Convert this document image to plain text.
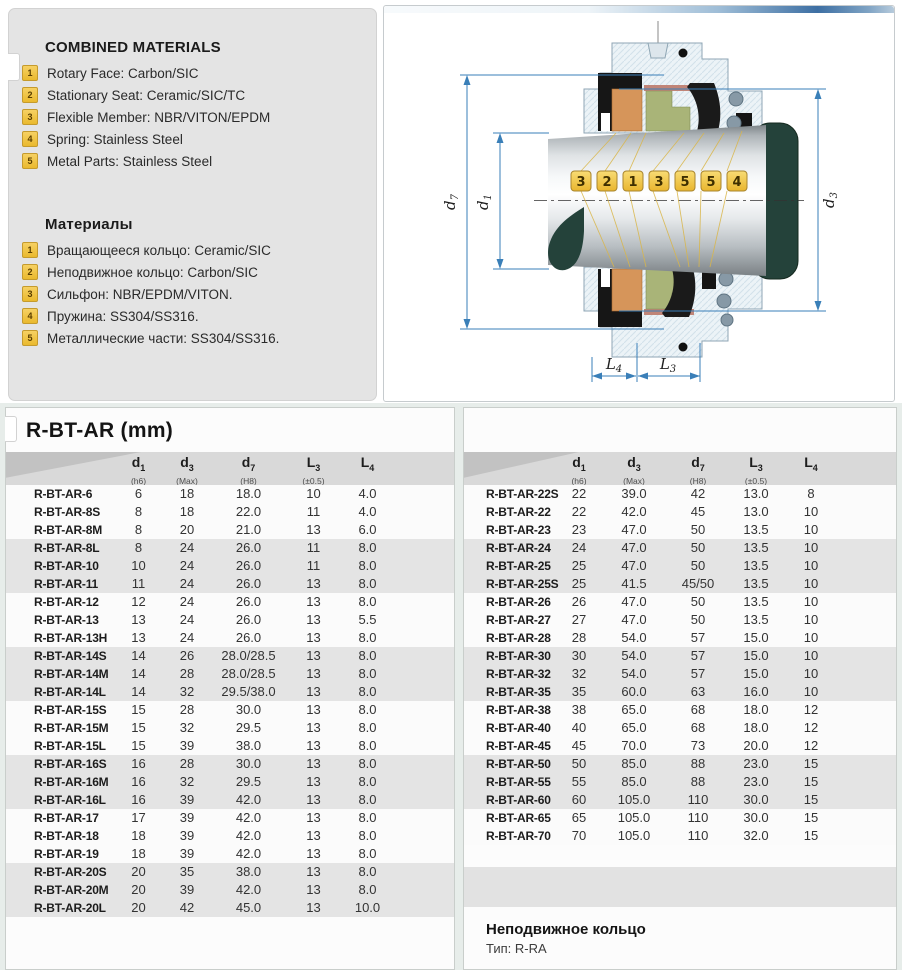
COMBINED MATERIALS
1	Rotary Face: Carbon/SIC
2	Stationary Seat: Ceramic/SIC/TC
3	Flexible Member: NBR/VITON/EPDM
4	Spring: Stainless Steel
5	Metal Parts: Stainless Steel
Материалы
1	Вращающееся кольцо: Ceramic/SIC
2	Неподвижное кольцо: Carbon/SIC
3	Сильфон: NBR/EPDM/VITON.
4	Пружина: SS304/SS316.
5	Металлические части: SS304/SS316.
3 2 1 3 5 5 4
$d_7$
$d_1$
$d_3$
$L_4$	$L_3$
R-BT-AR (mm)
$d_1$
(h6)
$d_3$
(Max)
$d_7$
(H8)
$L_3$
(±0.5)
$L_4$
R-BT-AR-6	6	18	18.0	10	4.0
R-BT-AR-8S	8	18	22.0	11	4.0
R-BT-AR-8M	8	20	21.0	13	6.0
R-BT-AR-8L	8	24	26.0	11	8.0
R-BT-AR-10	10	24	26.0	11	8.0
R-BT-AR-11	11	24	26.0	13	8.0
R-BT-AR-12	12	24	26.0	13	8.0
R-BT-AR-13	13	24	26.0	13	5.5
R-BT-AR-13H	13	24	26.0	13	8.0
R-BT-AR-14S	14	26	28.0/28.5	13	8.0
R-BT-AR-14M	14	28	28.0/28.5	13	8.0
R-BT-AR-14L	14	32	29.5/38.0	13	8.0
R-BT-AR-15S	15	28	30.0	13	8.0
R-BT-AR-15M	15	32	29.5	13	8.0
R-BT-AR-15L	15	39	38.0	13	8.0
R-BT-AR-16S	16	28	30.0	13	8.0
R-BT-AR-16M	16	32	29.5	13	8.0
R-BT-AR-16L	16	39	42.0	13	8.0
R-BT-AR-17	17	39	42.0	13	8.0
R-BT-AR-18	18	39	42.0	13	8.0
R-BT-AR-19	18	39	42.0	13	8.0
R-BT-AR-20S	20	35	38.0	13	8.0
R-BT-AR-20M	20	39	42.0	13	8.0
R-BT-AR-20L	20	42	45.0	13	10.0
$d_1$
(h6)
$d_3$
(Max)
$d_7$
(H8)
$L_3$
(±0.5)
$L_4$
R-BT-AR-22S	22	39.0	42	13.0	8
R-BT-AR-22	22	42.0	45	13.0	10
R-BT-AR-23	23	47.0	50	13.5	10
R-BT-AR-24	24	47.0	50	13.5	10
R-BT-AR-25	25	47.0	50	13.5	10
R-BT-AR-25S	25	41.5	45/50	13.5	10
R-BT-AR-26	26	47.0	50	13.5	10
R-BT-AR-27	27	47.0	50	13.5	10
R-BT-AR-28	28	54.0	57	15.0	10
R-BT-AR-30	30	54.0	57	15.0	10
R-BT-AR-32	32	54.0	57	15.0	10
R-BT-AR-35	35	60.0	63	16.0	10
R-BT-AR-38	38	65.0	68	18.0	12
R-BT-AR-40	40	65.0	68	18.0	12
R-BT-AR-45	45	70.0	73	20.0	12
R-BT-AR-50	50	85.0	88	23.0	15
R-BT-AR-55	55	85.0	88	23.0	15
R-BT-AR-60	60	105.0	110	30.0	15
R-BT-AR-65	65	105.0	110	30.0	15
R-BT-AR-70	70	105.0	110	32.0	15
Неподвижное кольцо
Тип: R-RA
